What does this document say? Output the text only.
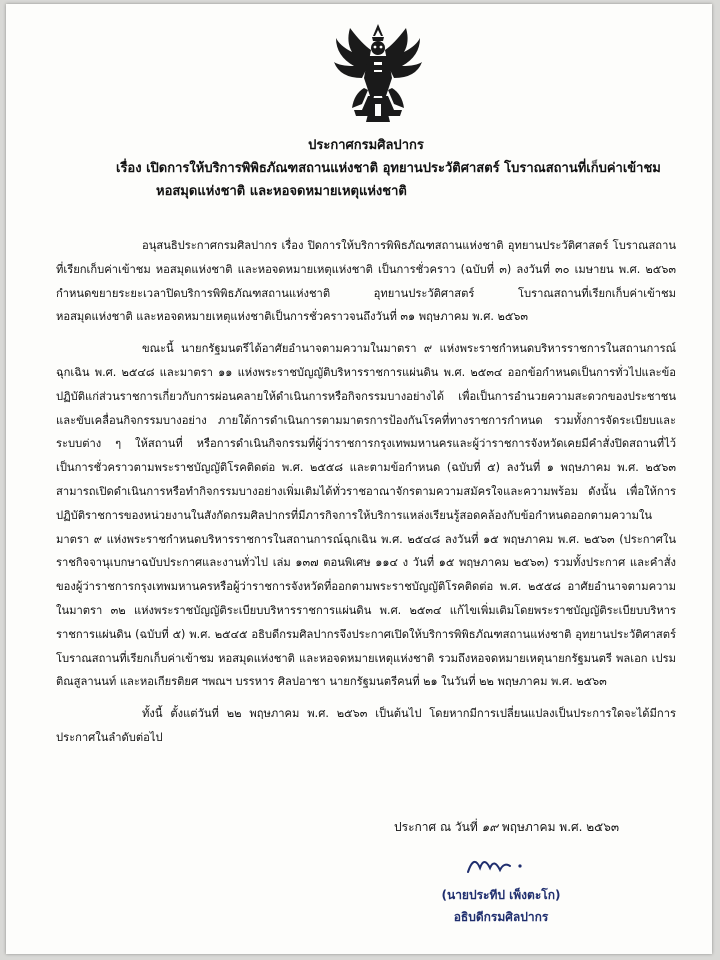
ประกาศกรมศิลปากร
เรื่อง เปิดการให้บริการพิพิธภัณฑสถานแห่งชาติ อุทยานประวัติศาสตร์ โบราณสถานที่เก็บค่าเข้าชม
หอสมุดแห่งชาติ และหอจดหมายเหตุแห่งชาติ

อนุสนธิประกาศกรมศิลปากร เรื่อง ปิดการให้บริการพิพิธภัณฑสถานแห่งชาติ อุทยานประวัติศาสตร์ โบราณสถานที่เรียกเก็บค่าเข้าชม หอสมุดแห่งชาติ และหอจดหมายเหตุแห่งชาติ เป็นการชั่วคราว (ฉบับที่ ๓) ลงวันที่ ๓๐ เมษายน พ.ศ. ๒๕๖๓ กำหนดขยายระยะเวลาปิดบริการพิพิธภัณฑสถานแห่งชาติ อุทยานประวัติศาสตร์ โบราณสถานที่เรียกเก็บค่าเข้าชม หอสมุดแห่งชาติ และหอจดหมายเหตุแห่งชาติเป็นการชั่วคราวจนถึงวันที่ ๓๑ พฤษภาคม พ.ศ. ๒๕๖๓

ขณะนี้ นายกรัฐมนตรีได้อาศัยอำนาจตามความในมาตรา ๙ แห่งพระราชกำหนดบริหารราชการในสถานการณ์ฉุกเฉิน พ.ศ. ๒๕๔๘ และมาตรา ๑๑ แห่งพระราชบัญญัติบริหารราชการแผ่นดิน พ.ศ. ๒๕๓๔ ออกข้อกำหนดเป็นการทั่วไปและข้อปฏิบัติแก่ส่วนราชการเกี่ยวกับการผ่อนคลายให้ดำเนินการหรือกิจกรรมบางอย่างได้ เพื่อเป็นการอำนวยความสะดวกของประชาชนและขับเคลื่อนกิจกรรมบางอย่าง ภายใต้การดำเนินการตามมาตรการป้องกันโรคที่ทางราชการกำหนด รวมทั้งการจัดระเบียบและระบบต่าง ๆ ให้สถานที่ หรือการดำเนินกิจกรรมที่ผู้ว่าราชการกรุงเทพมหานครและผู้ว่าราชการจังหวัดเคยมีคำสั่งปิดสถานที่ไว้เป็นการชั่วคราวตามพระราชบัญญัติโรคติดต่อ พ.ศ. ๒๕๕๘ และตามข้อกำหนด (ฉบับที่ ๕) ลงวันที่ ๑ พฤษภาคม พ.ศ. ๒๕๖๓ สามารถเปิดดำเนินการหรือทำกิจกรรมบางอย่างเพิ่มเติมได้ทั่วราชอาณาจักรตามความสมัครใจและความพร้อม ดังนั้น เพื่อให้การปฏิบัติราชการของหน่วยงานในสังกัดกรมศิลปากรที่มีภารกิจการให้บริการแหล่งเรียนรู้สอดคล้องกับข้อกำหนดออกตามความในมาตรา ๙ แห่งพระราชกำหนดบริหารราชการในสถานการณ์ฉุกเฉิน พ.ศ. ๒๕๔๘ ลงวันที่ ๑๕ พฤษภาคม พ.ศ. ๒๕๖๓ (ประกาศในราชกิจจานุเบกษาฉบับประกาศและงานทั่วไป เล่ม ๑๓๗ ตอนพิเศษ ๑๑๔ ง วันที่ ๑๕ พฤษภาคม ๒๕๖๓) รวมทั้งประกาศ และคำสั่งของผู้ว่าราชการกรุงเทพมหานครหรือผู้ว่าราชการจังหวัดที่ออกตามพระราชบัญญัติโรคติดต่อ พ.ศ. ๒๕๕๘ อาศัยอำนาจตามความในมาตรา ๓๒ แห่งพระราชบัญญัติระเบียบบริหารราชการแผ่นดิน พ.ศ. ๒๕๓๔ แก้ไขเพิ่มเติมโดยพระราชบัญญัติระเบียบบริหารราชการแผ่นดิน (ฉบับที่ ๕) พ.ศ. ๒๕๔๕ อธิบดีกรมศิลปากรจึงประกาศเปิดให้บริการพิพิธภัณฑสถานแห่งชาติ อุทยานประวัติศาสตร์ โบราณสถานที่เรียกเก็บค่าเข้าชม หอสมุดแห่งชาติ และหอจดหมายเหตุแห่งชาติ รวมถึงหอจดหมายเหตุนายกรัฐมนตรี พลเอก เปรม ติณสูลานนท์ และหอเกียรติยศ ฯพณฯ บรรหาร ศิลปอาชา นายกรัฐมนตรีคนที่ ๒๑ ในวันที่ ๒๒ พฤษภาคม พ.ศ. ๒๕๖๓

ทั้งนี้ ตั้งแต่วันที่ ๒๒ พฤษภาคม พ.ศ. ๒๕๖๓ เป็นต้นไป โดยหากมีการเปลี่ยนแปลงเป็นประการใดจะได้มีการประกาศในลำดับต่อไป

ประกาศ ณ วันที่ ๑๙ พฤษภาคม พ.ศ. ๒๕๖๓
(นายประทีป เพ็งตะโก)
อธิบดีกรมศิลปากร
